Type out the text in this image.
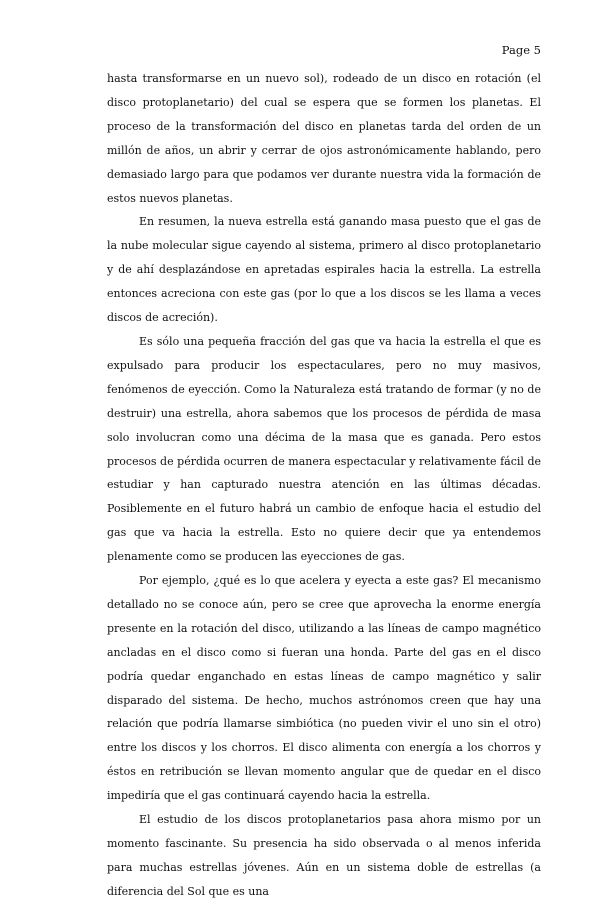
Page 5

hasta transformarse en un nuevo sol), rodeado de un disco en rotación (el disco protoplanetario) del cual se espera que se formen los planetas. El proceso de la transformación del disco en planetas tarda del orden de un millón de años, un abrir y cerrar de ojos astronómicamente hablando, pero demasiado largo para que podamos ver durante nuestra vida la formación de estos nuevos planetas.

En resumen, la nueva estrella está ganando masa puesto que el gas de la nube molecular sigue cayendo al sistema, primero al disco protoplanetario y de ahí desplazándose en apretadas espirales hacia la estrella. La estrella entonces acreciona con este gas (por lo que a los discos se les llama a veces discos de acreción).

Es sólo una pequeña fracción del gas que va hacia la estrella el que es expulsado para producir los espectaculares, pero no muy masivos, fenómenos de eyección. Como la Naturaleza está tratando de formar (y no de destruir) una estrella, ahora sabemos que los procesos de pérdida de masa solo involucran como una décima de la masa que es ganada. Pero estos procesos de pérdida ocurren de manera espectacular y relativamente fácil de estudiar y han capturado nuestra atención en las últimas décadas. Posiblemente en el futuro habrá un cambio de enfoque hacia el estudio del gas que va hacia la estrella. Esto no quiere decir que ya entendemos plenamente como se producen las eyecciones de gas.

Por ejemplo, ¿qué es lo que acelera y eyecta a este gas? El mecanismo detallado no se conoce aún, pero se cree que aprovecha la enorme energía presente en la rotación del disco, utilizando a las líneas de campo magnético ancladas en el disco como si fueran una honda. Parte del gas en el disco podría quedar enganchado en estas líneas de campo magnético y salir disparado del sistema. De hecho, muchos astrónomos creen que hay una relación que podría llamarse simbiótica (no pueden vivir el uno sin el otro) entre los discos y los chorros. El disco alimenta con energía a los chorros y éstos en retribución se llevan momento angular que de quedar en el disco impediría que el gas continuará cayendo hacia la estrella.

El estudio de los discos protoplanetarios pasa ahora mismo por un momento fascinante. Su presencia ha sido observada o al menos inferida para muchas estrellas jóvenes. Aún en un sistema doble de estrellas (a diferencia del Sol que es una
